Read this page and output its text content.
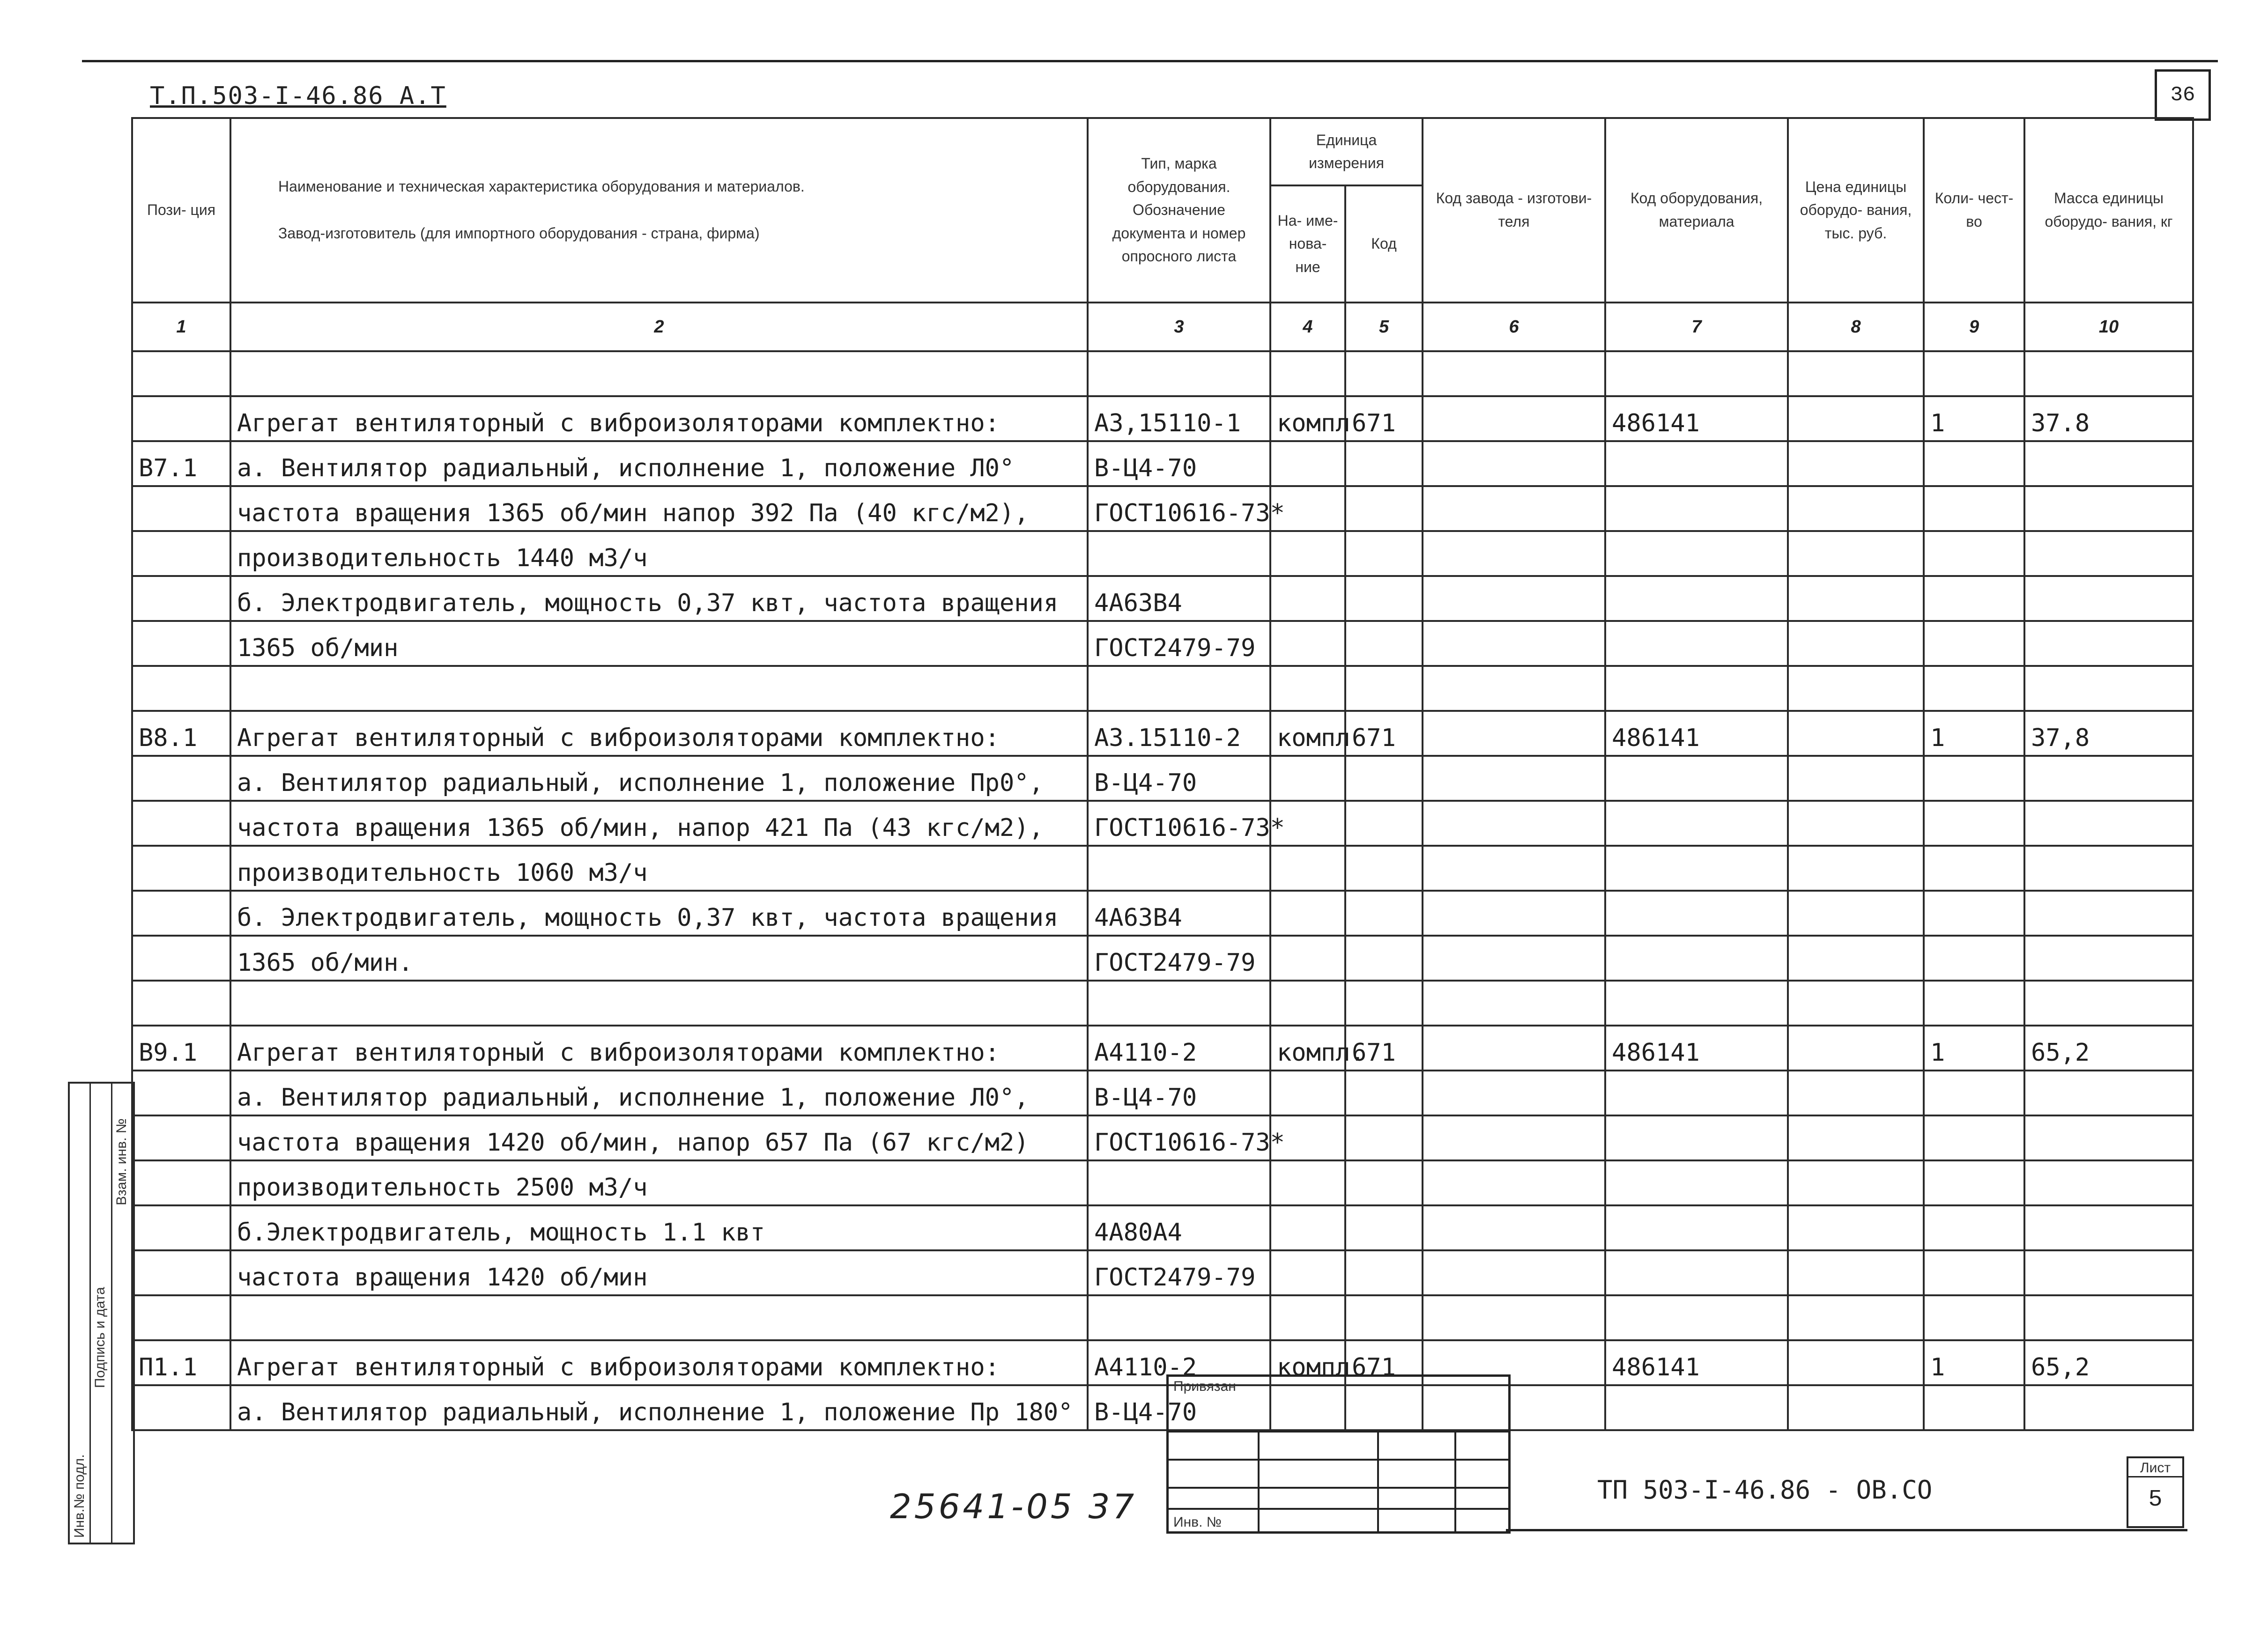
Т.П.503-I-46.86 А.Т	36
Пози- ция	Наименование и техническая характеристика оборудования и материалов.
Завод-изготовитель (для импортного оборудования - страна, фирма)	Тип, марка оборудования. Обозначение документа и номер опросного листа	Единица измерения		Код завода - изготови- теля	Код оборудования, материала	Цена единицы оборудо- вания, тыс. руб.	Коли- чест- во	Масса единицы оборудо- вания, кг
			На- име- нова- ние	Код					
1	2	3	4	5	6	7	8	9	10

	Агрегат вентиляторный с виброизоляторами комплектно:	А3,15110-1	компл	671		486141		1	37.8
В7.1	а. Вентилятор радиальный, исполнение 1, положение Л0°	В-Ц4-70							
	частота вращения 1365 об/мин напор 392 Па (40 кгс/м2),	ГОСТ10616-73*							
	производительность 1440 м3/ч								
	б. Электродвигатель, мощность 0,37 квт, частота вращения	4А63В4							
	1365 об/мин	ГОСТ2479-79							

В8.1	Агрегат вентиляторный с виброизоляторами комплектно:	А3.15110-2	компл	671		486141		1	37,8
	а. Вентилятор радиальный, исполнение 1, положение Пр0°,	В-Ц4-70							
	частота вращения 1365 об/мин, напор 421 Па (43 кгс/м2),	ГОСТ10616-73*							
	производительность 1060 м3/ч								
	б. Электродвигатель, мощность 0,37 квт, частота вращения	4А63В4							
	1365 об/мин.	ГОСТ2479-79							

В9.1	Агрегат вентиляторный с виброизоляторами комплектно:	А4110-2	компл.	671		486141		1	65,2
	а. Вентилятор радиальный, исполнение 1, положение Л0°,	В-Ц4-70							
	частота вращения 1420 об/мин, напор 657 Па (67 кгс/м2)	ГОСТ10616-73*							
	производительность 2500 м3/ч								
	б.Электродвигатель, мощность 1.1 квт	4А80А4							
	частота вращения 1420 об/мин	ГОСТ2479-79							

П1.1	Агрегат вентиляторный с виброизоляторами комплектно:	А4110-2	компл	671		486141		1	65,2
	а. Вентилятор радиальный, исполнение 1, положение Пр 180°	В-Ц4-70							
Инв.№ подл.
Подпись и дата
Взам. инв. №
Привязан
Инв. №
25641-05 37	ТП 503-I-46.86 - ОВ.СО
Лист
5
